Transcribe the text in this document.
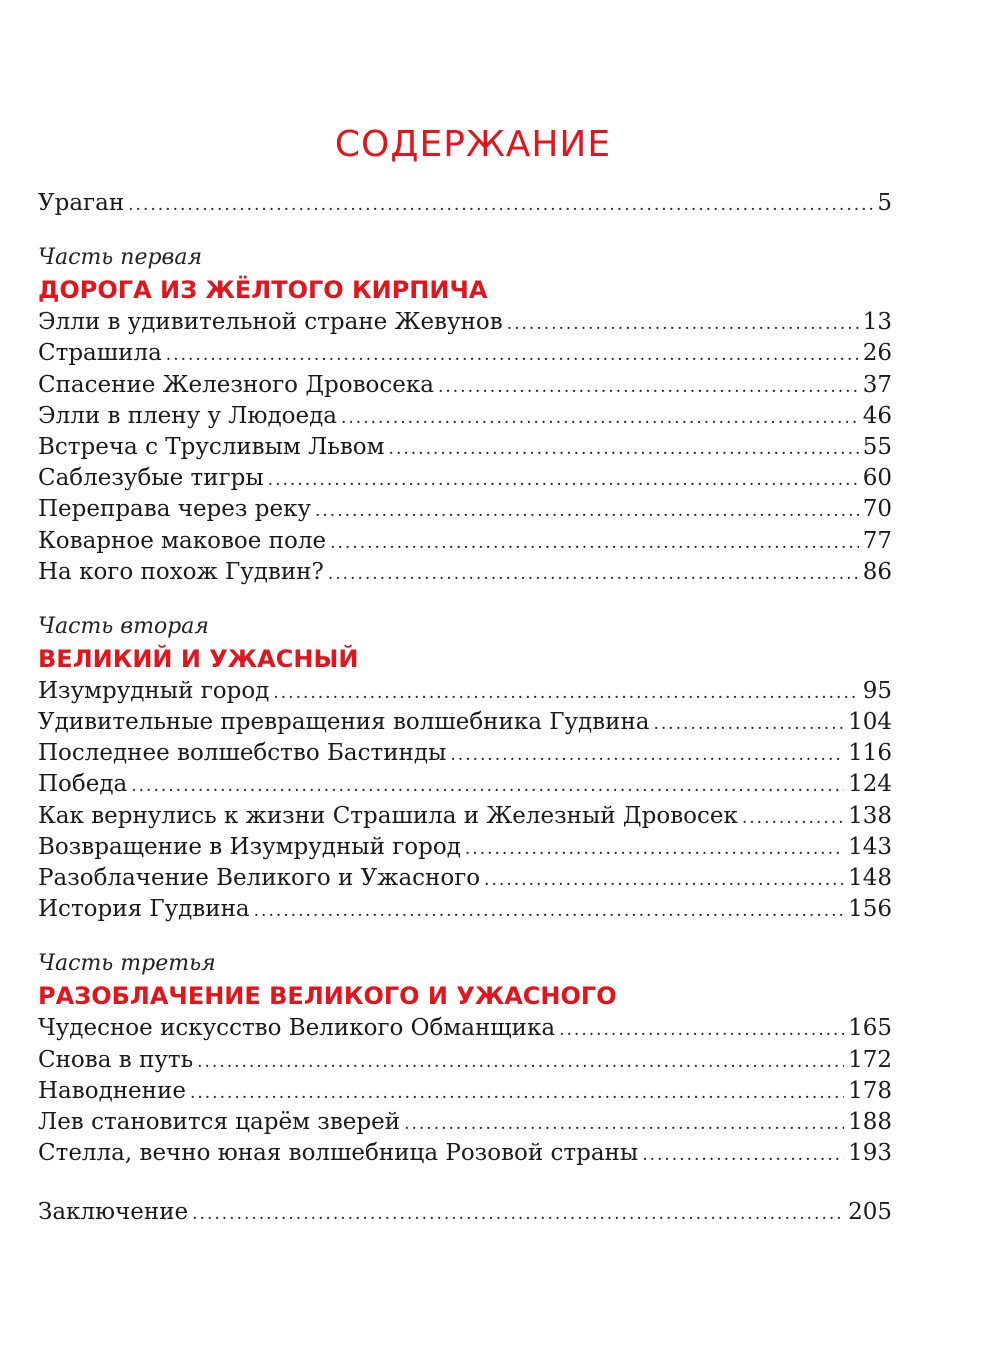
СОДЕРЖАНИЕ
Ураган .....	5
Часть первая
ДОРОГА ИЗ ЖЁЛТОГО КИРПИЧА
Элли в удивительной стране Жевунов .....	13
Страшила .....	26
Спасение Железного Дровосека .....	37
Элли в плену у Людоеда .....	46
Встреча с Трусливым Львом .....	55
Саблезубые тигры .....	60
Переправа через реку .....	70
Коварное маковое поле .....	77
На кого похож Гудвин? .....	86
Часть вторая
ВЕЛИКИЙ И УЖАСНЫЙ
Изумрудный город .....	95
Удивительные превращения волшебника Гудвина .....	104
Последнее волшебство Бастинды .....	116
Победа .....	124
Как вернулись к жизни Страшила и Железный Дровосек .....	138
Возвращение в Изумрудный город .....	143
Разоблачение Великого и Ужасного .....	148
История Гудвина .....	156
Часть третья
РАЗОБЛАЧЕНИЕ ВЕЛИКОГО И УЖАСНОГО
Чудесное искусство Великого Обманщика .....	165
Снова в путь .....	172
Наводнение .....	178
Лев становится царём зверей .....	188
Стелла, вечно юная волшебница Розовой страны .....	193
Заключение .....	205
